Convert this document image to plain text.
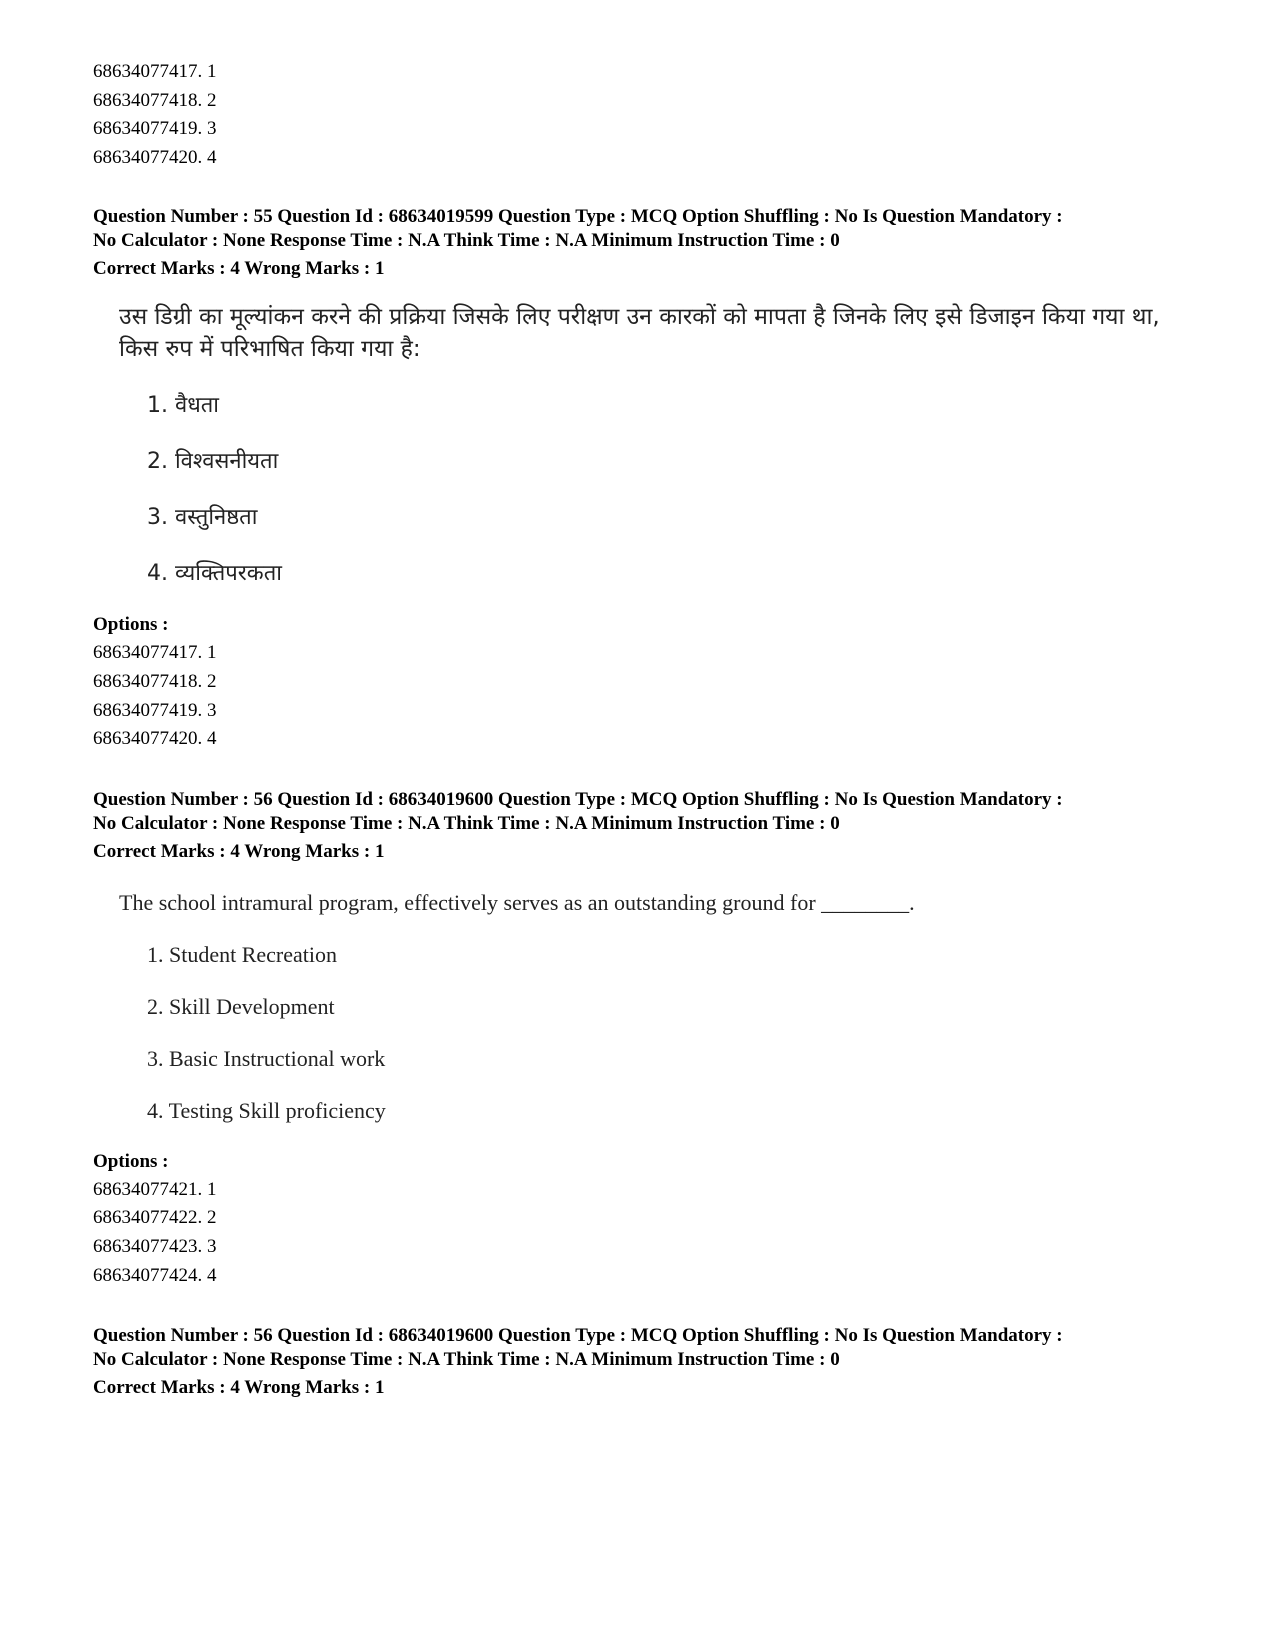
68634077417. 1
68634077418. 2
68634077419. 3
68634077420. 4
Question Number : 55 Question Id : 68634019599 Question Type : MCQ Option Shuffling : No Is Question Mandatory :
No Calculator : None Response Time : N.A Think Time : N.A Minimum Instruction Time : 0
Correct Marks : 4 Wrong Marks : 1

उस डिग्री का मूल्यांकन करने की प्रक्रिया जिसके लिए परीक्षण उन कारकों को मापता है जिनके लिए इसे डिजाइन किया गया था, किस रुप में परिभाषित किया गया है:

1. वैधता
2. विश्वसनीयता
3. वस्तुनिष्ठता
4. व्यक्तिपरकता
Options :
68634077417. 1
68634077418. 2
68634077419. 3
68634077420. 4
Question Number : 56 Question Id : 68634019600 Question Type : MCQ Option Shuffling : No Is Question Mandatory :
No Calculator : None Response Time : N.A Think Time : N.A Minimum Instruction Time : 0
Correct Marks : 4 Wrong Marks : 1
The school intramural program, effectively serves as an outstanding ground for ________.
1. Student Recreation
2. Skill Development
3. Basic Instructional work
4. Testing Skill proficiency
Options :
68634077421. 1
68634077422. 2
68634077423. 3
68634077424. 4
Question Number : 56 Question Id : 68634019600 Question Type : MCQ Option Shuffling : No Is Question Mandatory :
No Calculator : None Response Time : N.A Think Time : N.A Minimum Instruction Time : 0
Correct Marks : 4 Wrong Marks : 1
